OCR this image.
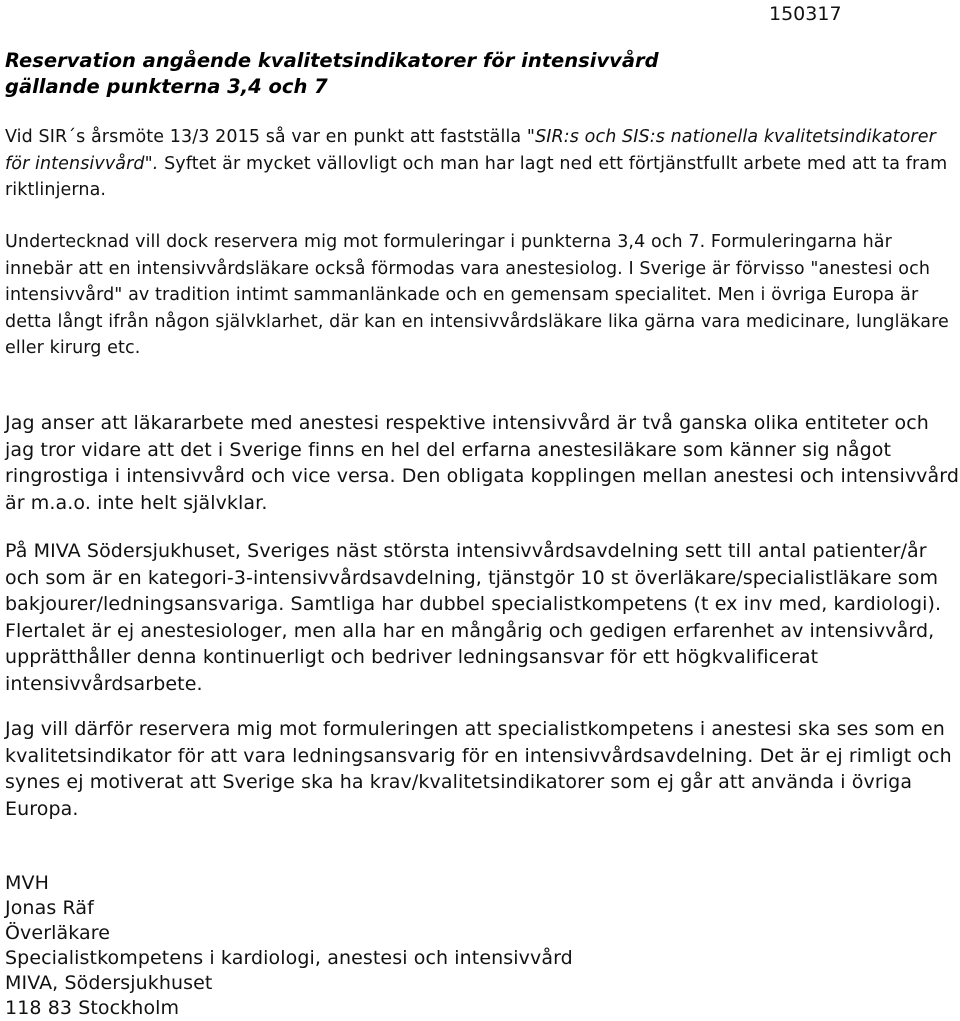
150317
Reservation angående kvalitetsindikatorer för intensivvård
gällande punkterna 3,4 och 7

Vid SIR´s årsmöte 13/3 2015 så var en punkt att fastställa "SIR:s och SIS:s nationella kvalitetsindikatorer för intensivvård". Syftet är mycket vällovligt och man har lagt ned ett förtjänstfullt arbete med att ta fram riktlinjerna.

Undertecknad vill dock reservera mig mot formuleringar i punkterna 3,4 och 7. Formuleringarna här innebär att en intensivvårdsläkare också förmodas vara anestesiolog. I Sverige är förvisso "anestesi och intensivvård" av tradition intimt sammanlänkade och en gemensam specialitet. Men i övriga Europa är detta långt ifrån någon självklarhet, där kan en intensivvårdsläkare lika gärna vara medicinare, lungläkare eller kirurg etc.

Jag anser att läkararbete med anestesi respektive intensivvård är två ganska olika entiteter och jag tror vidare att det i Sverige finns en hel del erfarna anestesiläkare som känner sig något ringrostiga i intensivvård och vice versa. Den obligata kopplingen mellan anestesi och intensivvård är m.a.o. inte helt självklar.

På MIVA Södersjukhuset, Sveriges näst största intensivvårdsavdelning sett till antal patienter/år och som är en kategori-3-intensivvårdsavdelning, tjänstgör 10 st överläkare/specialistläkare som bakjourer/ledningsansvariga. Samtliga har dubbel specialistkompetens (t ex inv med, kardiologi). Flertalet är ej anestesiologer, men alla har en mångårig och gedigen erfarenhet av intensivvård, upprätthåller denna kontinuerligt och bedriver ledningsansvar för ett högkvalificerat intensivvårdsarbete.

Jag vill därför reservera mig mot formuleringen att specialistkompetens i anestesi ska ses som en kvalitetsindikator för att vara ledningsansvarig för en intensivvårdsavdelning. Det är ej rimligt och synes ej motiverat att Sverige ska ha krav/kvalitetsindikatorer som ej går att använda i övriga Europa.

MVH
Jonas Räf
Överläkare
Specialistkompetens i kardiologi, anestesi och intensivvård
MIVA, Södersjukhuset
118 83 Stockholm
